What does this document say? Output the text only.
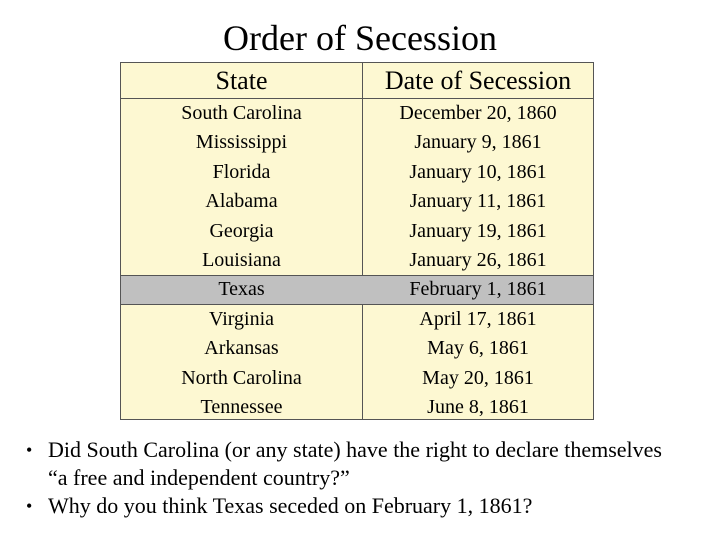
Order of Secession
State	Date of Secession
South Carolina	December 20, 1860
Mississippi	January 9, 1861
Florida	January 10, 1861
Alabama	January 11, 1861
Georgia	January 19, 1861
Louisiana	January 26, 1861
Texas	February 1, 1861
Virginia	April 17, 1861
Arkansas	May 6, 1861
North Carolina	May 20, 1861
Tennessee	June 8, 1861
• Did South Carolina (or any state) have the right to declare themselves “a free and independent country?”
• Why do you think Texas seceded on February 1, 1861?
